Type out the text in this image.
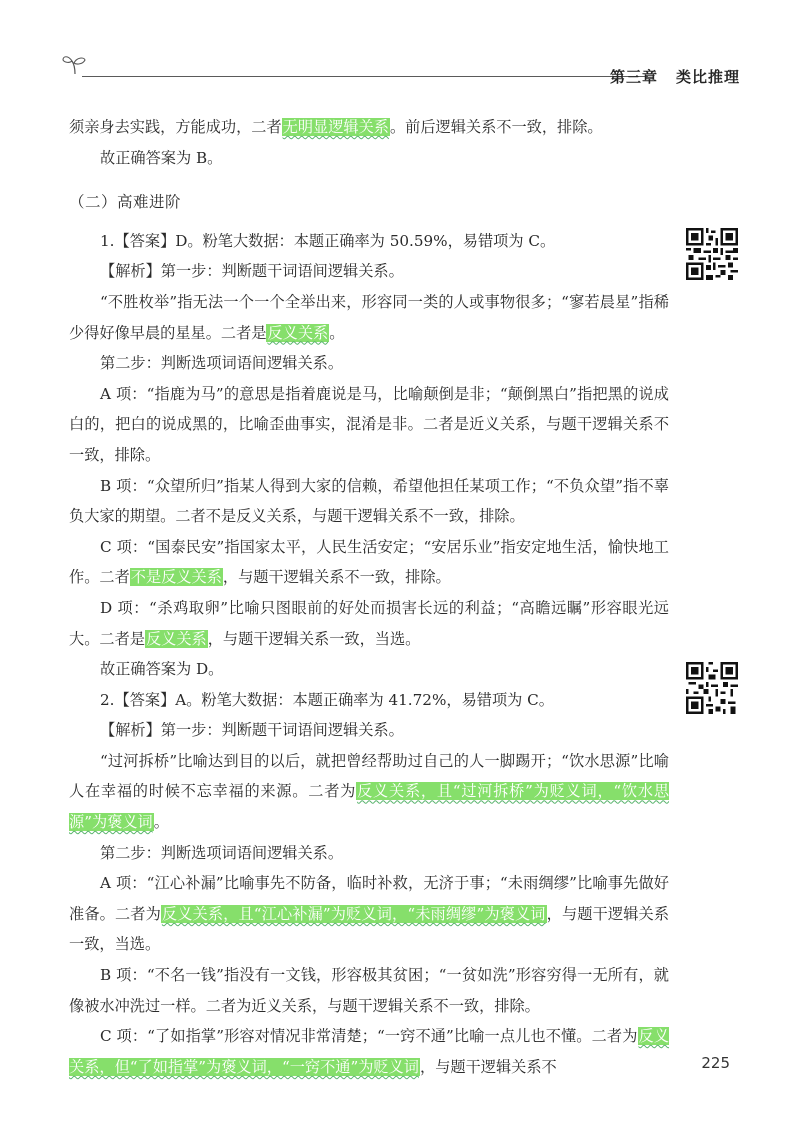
第三章 类比推理

须亲身去实践，方能成功，二者无明显逻辑关系。前后逻辑关系不一致，排除。

故正确答案为 B。

（二）高难进阶

1.【答案】D。粉笔大数据：本题正确率为 50.59%，易错项为 C。

【解析】第一步：判断题干词语间逻辑关系。

“不胜枚举”指无法一个一个全举出来，形容同一类的人或事物很多；“寥若晨星”指稀少得好像早晨的星星。二者是反义关系。

第二步：判断选项词语间逻辑关系。

A 项：“指鹿为马”的意思是指着鹿说是马，比喻颠倒是非；“颠倒黑白”指把黑的说成白的，把白的说成黑的，比喻歪曲事实，混淆是非。二者是近义关系，与题干逻辑关系不一致，排除。

B 项：“众望所归”指某人得到大家的信赖，希望他担任某项工作；“不负众望”指不辜负大家的期望。二者不是反义关系，与题干逻辑关系不一致，排除。

C 项：“国泰民安”指国家太平，人民生活安定；“安居乐业”指安定地生活，愉快地工作。二者不是反义关系，与题干逻辑关系不一致，排除。

D 项：“杀鸡取卵”比喻只图眼前的好处而损害长远的利益；“高瞻远瞩”形容眼光远大。二者是反义关系，与题干逻辑关系一致，当选。

故正确答案为 D。

2.【答案】A。粉笔大数据：本题正确率为 41.72%，易错项为 C。

【解析】第一步：判断题干词语间逻辑关系。

“过河拆桥”比喻达到目的以后，就把曾经帮助过自己的人一脚踢开；“饮水思源”比喻人在幸福的时候不忘幸福的来源。二者为反义关系，且“过河拆桥”为贬义词，“饮水思源”为褒义词。

第二步：判断选项词语间逻辑关系。

A 项：“江心补漏”比喻事先不防备，临时补救，无济于事；“未雨绸缪”比喻事先做好准备。二者为反义关系，且“江心补漏”为贬义词，“未雨绸缪”为褒义词，与题干逻辑关系一致，当选。

B 项：“不名一钱”指没有一文钱，形容极其贫困；“一贫如洗”形容穷得一无所有，就像被水冲洗过一样。二者为近义关系，与题干逻辑关系不一致，排除。

C 项：“了如指掌”形容对情况非常清楚；“一窍不通”比喻一点儿也不懂。二者为反义关系，但“了如指掌”为褒义词，“一窍不通”为贬义词，与题干逻辑关系不	225
